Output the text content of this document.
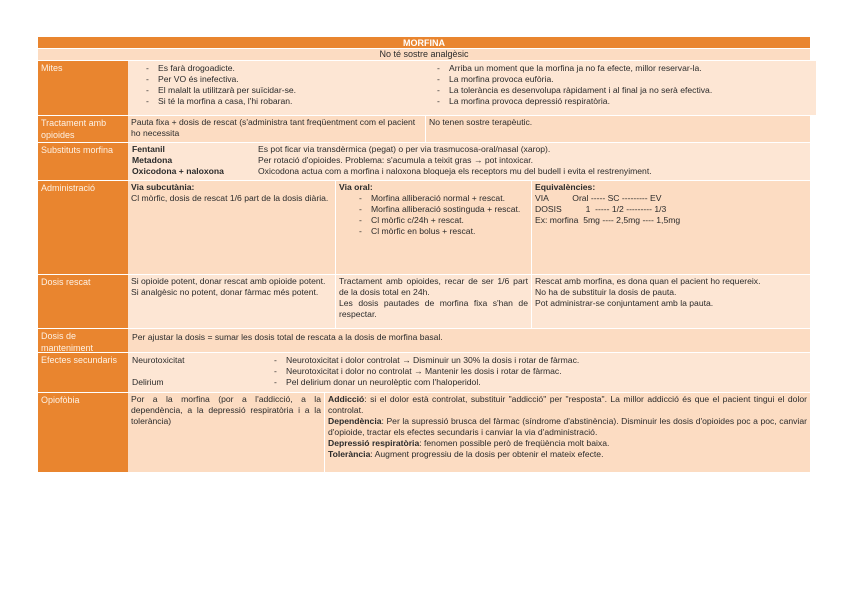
MORFINA
No té sostre analgèsic
Mites
-	Es farà drogoadicte.
- Per VO és inefectiva.
- El malalt la utilitzarà per suïcidar-se.
- Si té la morfina a casa, l'hi robaran.
- Arriba un moment que la morfina ja no fa efecte, millor reservar-la.
- La morfina provoca eufòria.
- La tolerància es desenvolupa ràpidament i al final ja no serà efectiva.
- La morfina provoca depressió respiratòria.
Tractament amb opioides
Pauta fixa + dosis de rescat (s'administra tant freqüentment com el pacient ho necessita
No tenen sostre terapèutic.
Substituts morfina	Fentanil	Es pot ficar via transdèrmica (pegat) o per via trasmucosa-oral/nasal (xarop).
Metadona	Per rotació d'opioides. Problema: s'acumula a teixit gras → pot intoxicar.
Oxicodona + naloxona	Oxicodona actua com a morfina i naloxona bloqueja els receptors mu del budell i evita el restrenyiment.
Administració	Via subcutània:
Cl mòrfic, dosis de rescat 1/6 part de la dosis diària.
Via oral:
- Morfina alliberació normal + rescat.
- Morfina alliberació sostinguda + rescat.
- Cl mòrfic c/24h + rescat.
- Cl mòrfic en bolus + rescat.
Equivalències:
VIA          Oral ----- SC --------- EV
DOSIS          1  ----- 1/2 --------- 1/3
Ex: morfina  5mg ---- 2,5mg ---- 1,5mg
Dosis rescat	Si opioide potent, donar rescat amb opioide potent.
Si analgèsic no potent, donar fàrmac més potent.
Tractament amb opioides, recar de ser 1/6 part de la dosis total en 24h.
Les dosis pautades de morfina fixa s'han de respectar.
Rescat amb morfina, es dona quan el pacient ho requereix.
No ha de substituir la dosis de pauta.
Pot administrar-se conjuntament amb la pauta.
Dosis de manteniment
Per ajustar la dosis = sumar les dosis total de rescata a la dosis de morfina basal.
Efectes secundaris	Neurotoxicitat
Delirium
- Neurotoxicitat i dolor controlat → Disminuir un 30% la dosis i rotar de fàrmac.
- Neurotoxicitat i dolor no controlat → Mantenir les dosis i rotar de fàrmac.
- Pel delirium donar un neurolèptic com l'haloperidol.
Opiofòbia	Por a la morfina (por a l'addicció, a la dependència, a la depressió respiratòria i a la tolerància)
Addicció: si el dolor està controlat, substituir "addicció" per "resposta". La millor addicció és que el pacient tingui el dolor controlat.
Dependència: Per la supressió brusca del fàrmac (síndrome d'abstinència). Disminuir les dosis d'opioides poc a poc, canviar d'opioide, tractar els efectes secundaris i canviar la via d'administració.
Depressió respiratòria: fenomen possible però de freqüència molt baixa.
Tolerància: Augment progressiu de la dosis per obtenir el mateix efecte.
